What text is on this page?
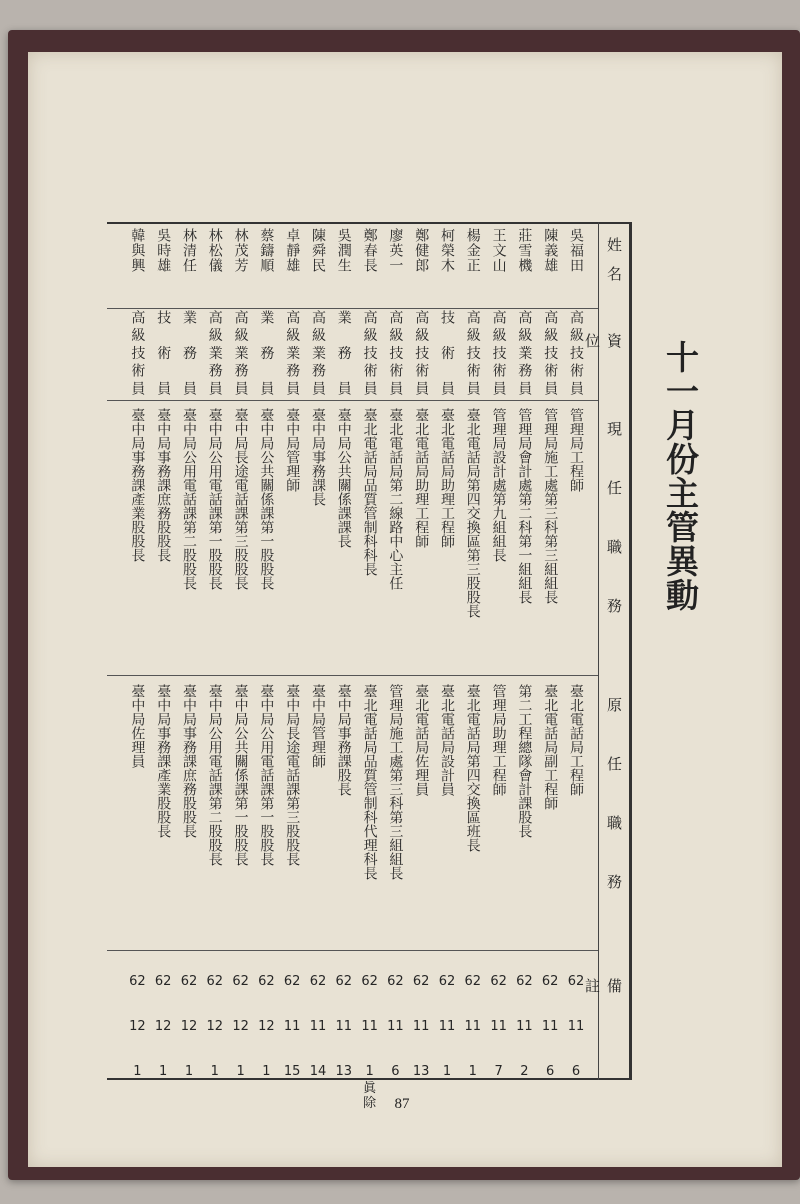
十一月份主管異動
姓名
資位
現任職務
原任職務
備註
吳福田
高級技術員
管理局工程師
臺北電話局工程師
62
11
6
陳義雄
高級技術員
管理局施工處第三科第三組組長
臺北電話局副工程師
62
11
6
莊雪機
高級業務員
管理局會計處第二科第一組組長
第二工程總隊會計課股長
62
11
2
王文山
高級技術員
管理局設計處第九組組長
管理局助理工程師
62
11
7
楊金正
高級技術員
臺北電話局第四交換區第三股股長
臺北電話局第四交換區班長
62
11
1
柯榮木
技術員
臺北電話局助理工程師
臺北電話局設計員
62
11
1
鄭健郎
高級技術員
臺北電話局助理工程師
臺北電話局佐理員
62
11
13
廖英一
高級技術員
臺北電話局第二線路中心主任
管理局施工處第三科第三組組長
62
11
6
鄭春長
高級技術員
臺北電話局品質管制科科長
臺北電話局品質管制科代理科長
62
11
1
眞除
吳潤生
業務員
臺中局公共關係課課長
臺中局事務課股長
62
11
13
陳舜民
高級業務員
臺中局事務課長
臺中局管理師
62
11
14
卓靜雄
高級業務員
臺中局管理師
臺中局長途電話課第三股股長
62
11
15
蔡鑄順
業務員
臺中局公共關係課第一股股長
臺中局公用電話課第一股股長
62
12
1
林茂芳
高級業務員
臺中局長途電話課第三股股長
臺中局公共關係課第一股股長
62
12
1
林松儀
高級業務員
臺中局公用電話課第一股股長
臺中局公用電話課第二股股長
62
12
1
林清任
業務員
臺中局公用電話課第二股股長
臺中局事務課庶務股股長
62
12
1
吳時雄
技術員
臺中局事務課庶務股股長
臺中局事務課產業股股長
62
12
1
韓與興
高級技術員
臺中局事務課產業股股長
臺中局佐理員
62
12
1
87
